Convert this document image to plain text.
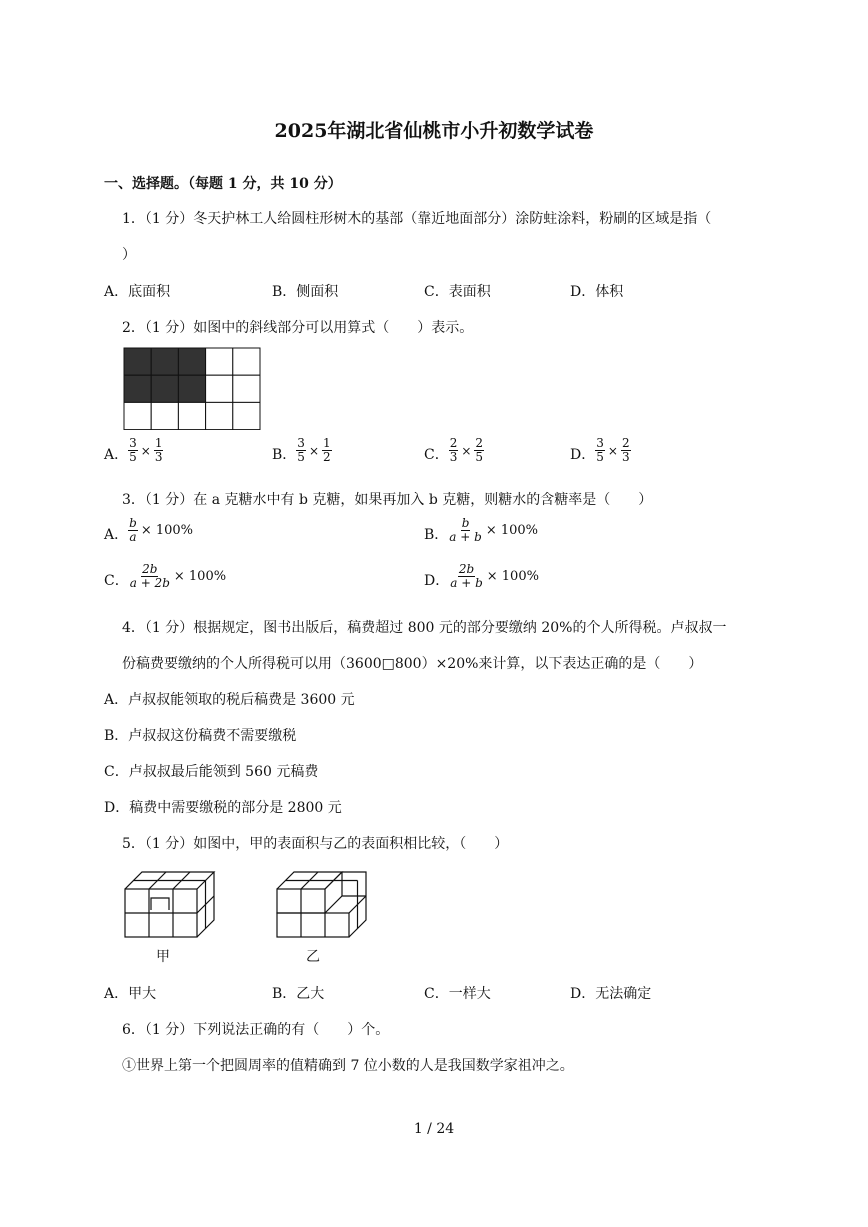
2025年湖北省仙桃市小升初数学试卷
一、选择题。（每题 1 分，共 10 分）
1．（1 分）冬天护林工人给圆柱形树木的基部（靠近地面部分）涂防蛀涂料，粉刷的区域是指（
）
A．底面积	B．侧面积	C．表面积	D．体积
2．（1 分）如图中的斜线部分可以用算式（　　）表示。
A． $\frac{3}{5} \times \frac{1}{3}$	B． $\frac{3}{5} \times \frac{1}{2}$	C． $\frac{2}{3} \times \frac{2}{5}$	D． $\frac{3}{5} \times \frac{2}{3}$
3．（1 分）在 a 克糖水中有 b 克糖，如果再加入 b 克糖，则糖水的含糖率是（　　）
A． $\frac{b}{a} \times 100\%$	B． $\frac{b}{a + b} \times 100\%$
C． $\frac{2b}{a + 2b} \times 100\%$	D． $\frac{2b}{a + b} \times 100\%$
4．（1 分）根据规定，图书出版后，稿费超过 800 元的部分要缴纳 20%的个人所得税。卢叔叔一
份稿费要缴纳的个人所得税可以用（3600□800）×20%来计算，以下表达正确的是（　　）
A．卢叔叔能领取的税后稿费是 3600 元
B．卢叔叔这份稿费不需要缴税
C．卢叔叔最后能领到 560 元稿费
D．稿费中需要缴税的部分是 2800 元
5．（1 分）如图中，甲的表面积与乙的表面积相比较，（　　）
甲	乙
A．甲大	B．乙大	C．一样大	D．无法确定
6．（1 分）下列说法正确的有（　　）个。
①世界上第一个把圆周率的值精确到 7 位小数的人是我国数学家祖冲之。
1 / 24
